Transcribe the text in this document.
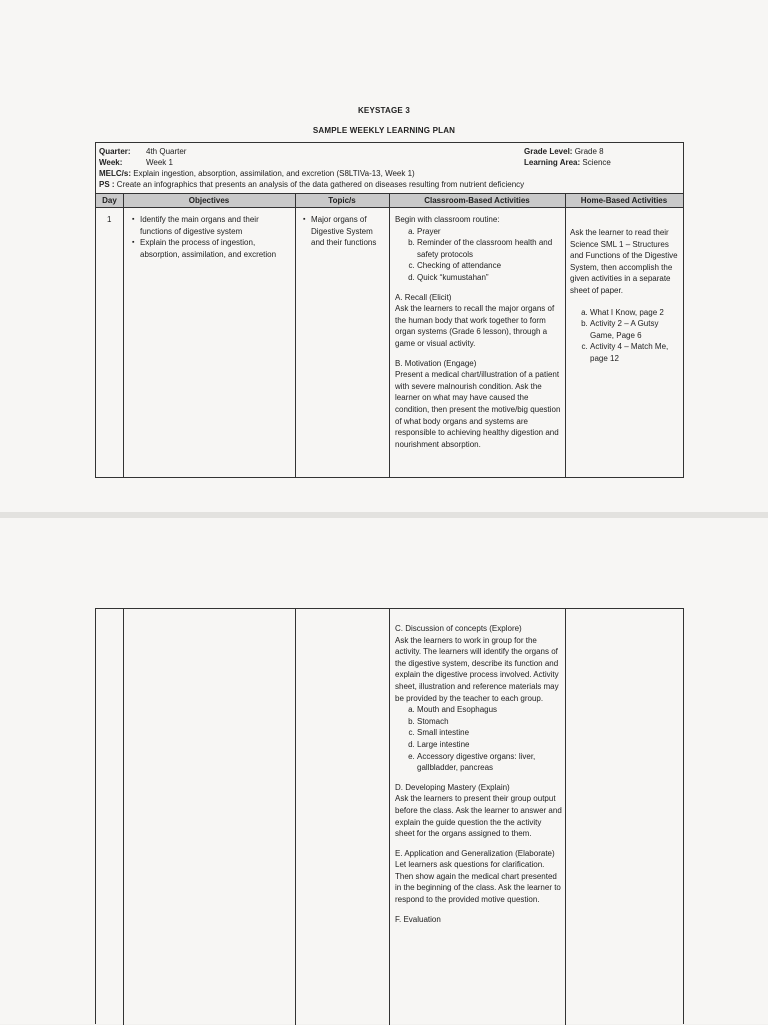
KEYSTAGE 3
SAMPLE WEEKLY LEARNING PLAN
Quarter: 4th Quarter	Grade Level: Grade 8
Week:	Week 1	Learning Area: Science
MELC/s: Explain ingestion, absorption, assimilation, and excretion (S8LTIVa-13, Week 1)
PS : Create an infographics that presents an analysis of the data gathered on diseases resulting from nutrient deficiency
Day	Objectives	Topic/s	Classroom-Based Activities	Home-Based Activities
1
▪	Identify the main organs and their functions of digestive system
▪ Explain the process of ingestion, absorption, assimilation, and excretion
▪ Major organs of Digestive System and their functions
Begin with classroom routine:
a. Prayer
b. Reminder of the classroom health and safety protocols
c. Checking of attendance
d. Quick “kumustahan”
A. Recall (Elicit)
Ask the learners to recall the major organs of the human body that work together to form organ systems (Grade 6 lesson), through a game or visual activity.
B. Motivation (Engage)
Present a medical chart/illustration of a patient with severe malnourish condition. Ask the learner on what may have caused the condition, then present the motive/big question of what body organs and systems are responsible to achieving healthy digestion and nourishment absorption.
Ask the learner to read their Science SML 1 – Structures and Functions of the Digestive System, then accomplish the given activities in a separate sheet of paper.
a. What I Know, page 2
b. Activity 2 – A Gutsy Game, Page 6
c. Activity 4 – Match Me, page 12
C. Discussion of concepts (Explore)
Ask the learners to work in group for the activity. The learners will identify the organs of the digestive system, describe its function and explain the digestive process involved. Activity sheet, illustration and reference materials may be provided by the teacher to each group.
a. Mouth and Esophagus
b. Stomach
c. Small intestine
d. Large intestine
e. Accessory digestive organs: liver, gallbladder, pancreas
D. Developing Mastery (Explain)
Ask the learners to present their group output before the class. Ask the learner to answer and explain the guide question the the activity sheet for the organs assigned to them.
E. Application and Generalization (Elaborate)
Let learners ask questions for clarification. Then show again the medical chart presented in the beginning of the class. Ask the learner to respond to the provided motive question.
F. Evaluation
